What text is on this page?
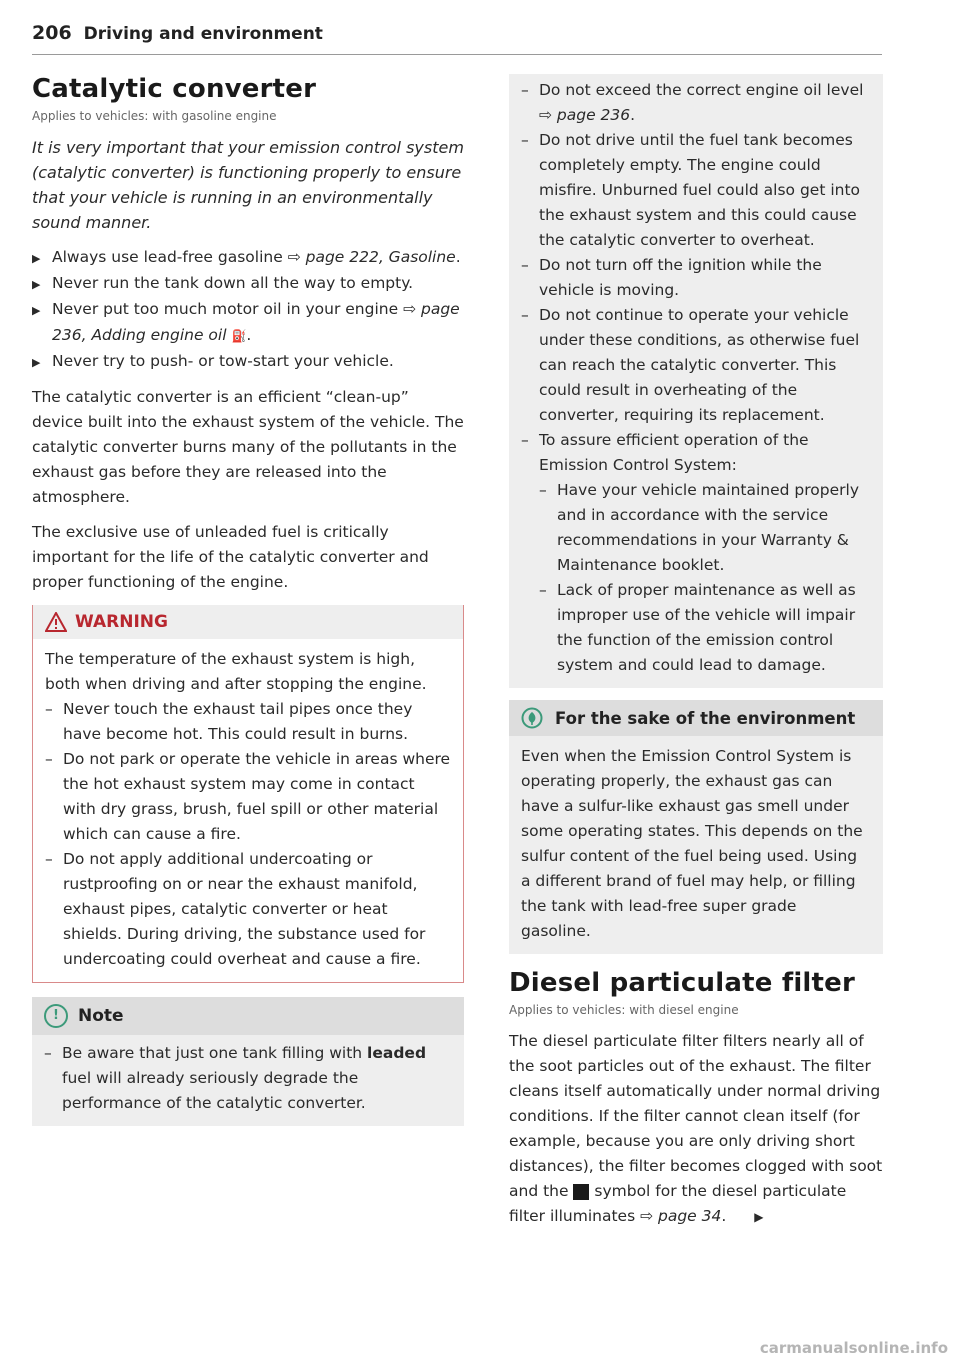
206 Driving and environment
Catalytic converter
Applies to vehicles: with gasoline engine

It is very important that your emission control system (catalytic converter) is functioning properly to ensure that your vehicle is running in an environmentally sound manner.

▶ Always use lead-free gasoline ⇨ page 222, Gasoline.
▶ Never run the tank down all the way to empty.
▶ Never put too much motor oil in your engine ⇨ page 236, Adding engine oil ⛽.
▶ Never try to push- or tow-start your vehicle.

The catalytic converter is an efficient “clean-up” device built into the exhaust system of the vehicle. The catalytic converter burns many of the pollutants in the exhaust gas before they are released into the atmosphere.

The exclusive use of unleaded fuel is critically important for the life of the catalytic converter and proper functioning of the engine.

WARNING
The temperature of the exhaust system is high, both when driving and after stopping the engine.
– Never touch the exhaust tail pipes once they have become hot. This could result in burns.
– Do not park or operate the vehicle in areas where the hot exhaust system may come in contact with dry grass, brush, fuel spill or other material which can cause a fire.
– Do not apply additional undercoating or rustproofing on or near the exhaust manifold, exhaust pipes, catalytic converter or heat shields. During driving, the substance used for undercoating could overheat and cause a fire.
!	Note
– Be aware that just one tank filling with leaded fuel will already seriously degrade the performance of the catalytic converter.
– Do not exceed the correct engine oil level ⇨ page 236.
– Do not drive until the fuel tank becomes completely empty. The engine could misfire. Unburned fuel could also get into the exhaust system and this could cause the catalytic converter to overheat.
– Do not turn off the ignition while the vehicle is moving.
– Do not continue to operate your vehicle under these conditions, as otherwise fuel can reach the catalytic converter. This could result in overheating of the converter, requiring its replacement.
– To assure efficient operation of the Emission Control System:
– Have your vehicle maintained properly and in accordance with the service recommendations in your Warranty & Maintenance booklet.
– Lack of proper maintenance as well as improper use of the vehicle will impair the function of the emission control system and could lead to damage.
For the sake of the environment
Even when the Emission Control System is operating properly, the exhaust gas can have a sulfur-like exhaust gas smell under some operating states. This depends on the sulfur content of the fuel being used. Using a different brand of fuel may help, or filling the tank with lead-free super grade gasoline.
Diesel particulate filter
Applies to vehicles: with diesel engine

The diesel particulate filter filters nearly all of the soot particles out of the exhaust. The filter cleans itself automatically under normal driving conditions. If the filter cannot clean itself (for example, because you are only driving short distances), the filter becomes clogged with soot and the  symbol for the diesel particulate filter illuminates ⇨ page 34. ▶

carmanualsonline.info
